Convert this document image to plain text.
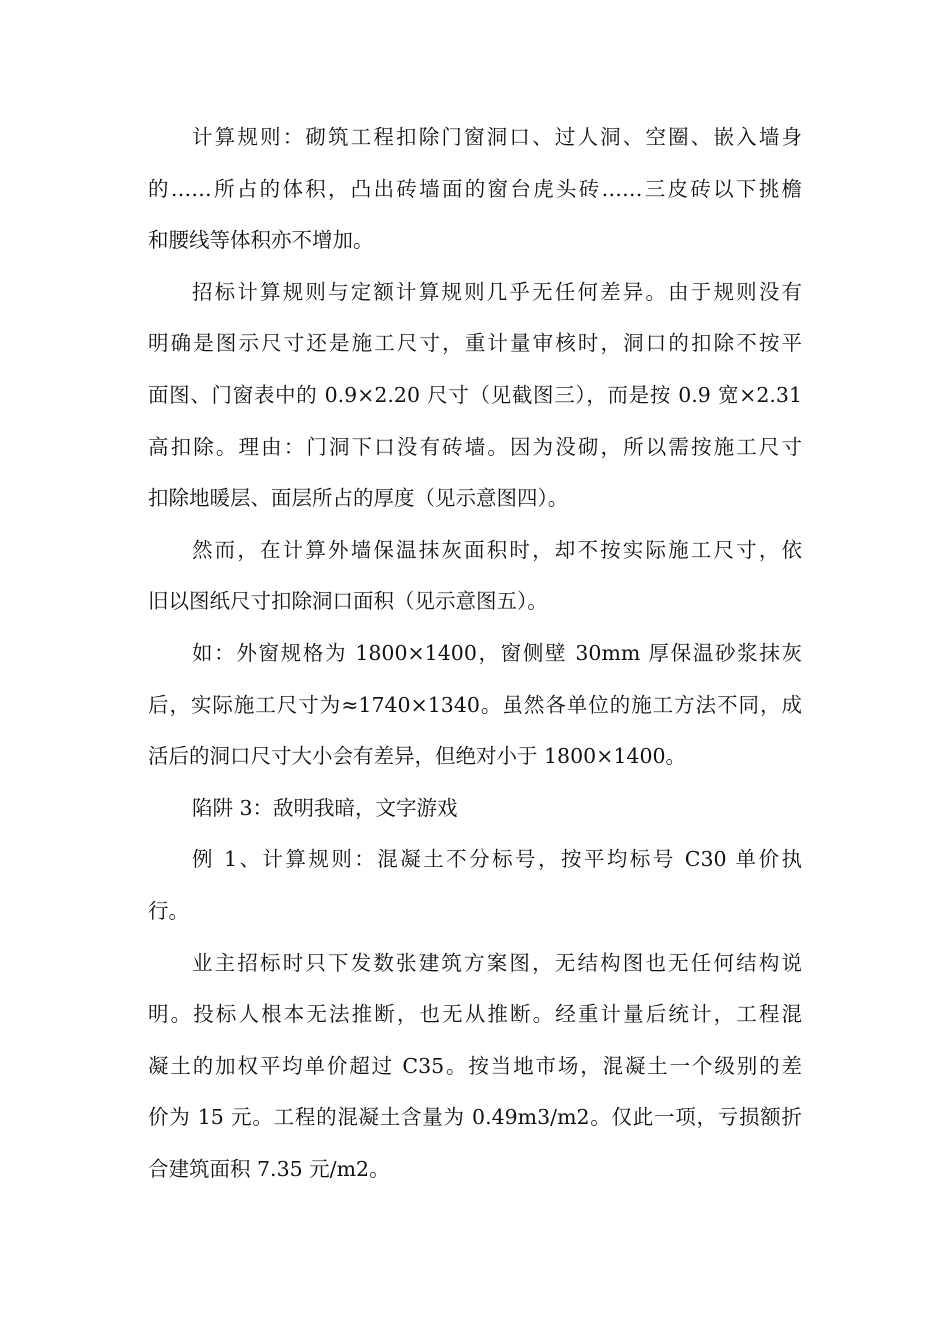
计算规则：砌筑工程扣除门窗洞口、过人洞、空圈、嵌入墙身
的……所占的体积，凸出砖墙面的窗台虎头砖……三皮砖以下挑檐
和腰线等体积亦不增加。
招标计算规则与定额计算规则几乎无任何差异。由于规则没有
明确是图示尺寸还是施工尺寸，重计量审核时，洞口的扣除不按平
面图、门窗表中的 0.9×2.20 尺寸（见截图三），而是按 0.9 宽×2.31
高扣除。理由：门洞下口没有砖墙。因为没砌，所以需按施工尺寸
扣除地暖层、面层所占的厚度（见示意图四）。
然而，在计算外墙保温抹灰面积时，却不按实际施工尺寸，依
旧以图纸尺寸扣除洞口面积（见示意图五）。
如：外窗规格为 1800×1400，窗侧壁 30mm 厚保温砂浆抹灰
后，实际施工尺寸为≈1740×1340。虽然各单位的施工方法不同，成
活后的洞口尺寸大小会有差异，但绝对小于 1800×1400。
陷阱 3：敌明我暗，文字游戏
例 1、计算规则：混凝土不分标号，按平均标号 C30 单价执
行。
业主招标时只下发数张建筑方案图，无结构图也无任何结构说
明。投标人根本无法推断，也无从推断。经重计量后统计，工程混
凝土的加权平均单价超过 C35。按当地市场，混凝土一个级别的差
价为 15 元。工程的混凝土含量为 0.49m3/m2。仅此一项，亏损额折
合建筑面积 7.35 元/m2。
